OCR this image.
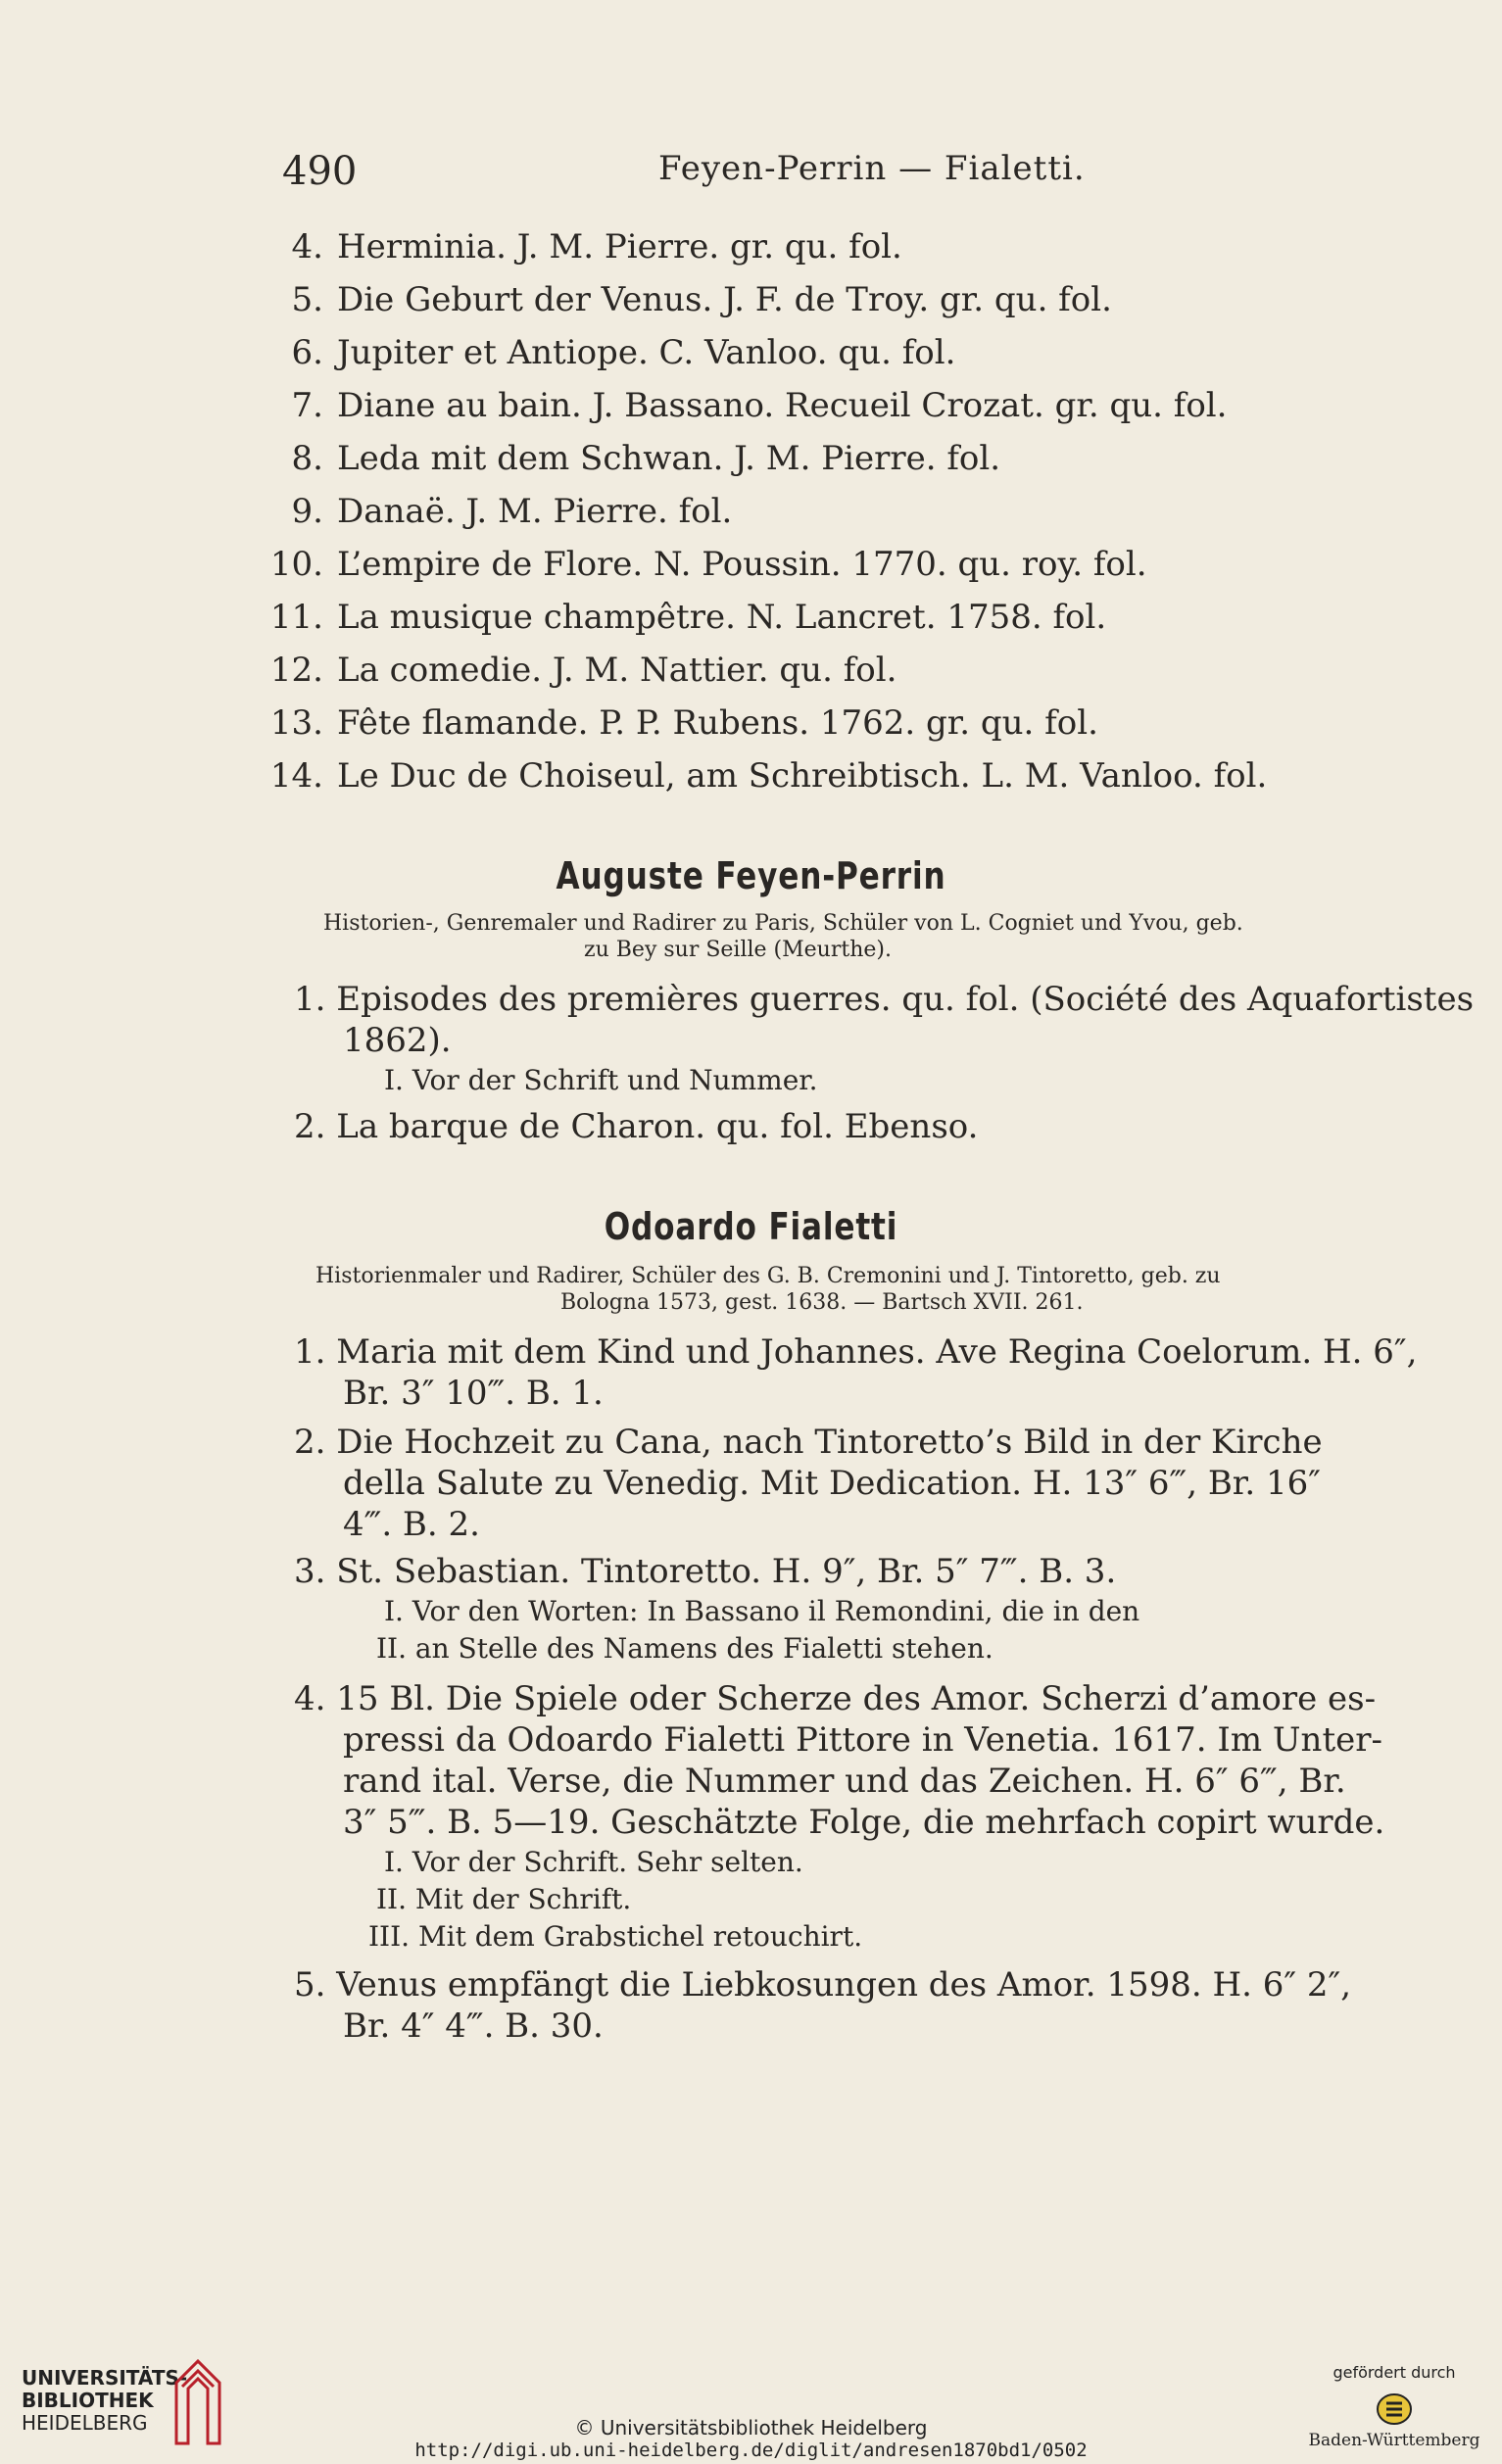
490	Feyen-Perrin — Fialetti.
4. Herminia. J. M. Pierre. gr. qu. fol.
5. Die Geburt der Venus. J. F. de Troy. gr. qu. fol.
6. Jupiter et Antiope. C. Vanloo. qu. fol.
7. Diane au bain. J. Bassano. Recueil Crozat. gr. qu. fol.
8. Leda mit dem Schwan. J. M. Pierre. fol.
9. Danaë. J. M. Pierre. fol.
10. L’empire de Flore. N. Poussin. 1770. qu. roy. fol.
11. La musique champêtre. N. Lancret. 1758. fol.
12. La comedie. J. M. Nattier. qu. fol.
13. Fête flamande. P. P. Rubens. 1762. gr. qu. fol.
14. Le Duc de Choiseul, am Schreibtisch. L. M. Vanloo. fol.
Auguste Feyen-Perrin
Historien-, Genremaler und Radirer zu Paris, Schüler von L. Cogniet und Yvou, geb.
zu Bey sur Seille (Meurthe).
1. Episodes des premières guerres. qu. fol. (Société des Aquafortistes
1862).
I. Vor der Schrift und Nummer.
2. La barque de Charon. qu. fol. Ebenso.
Odoardo Fialetti
Historienmaler und Radirer, Schüler des G. B. Cremonini und J. Tintoretto, geb. zu
Bologna 1573, gest. 1638. — Bartsch XVII. 261.
1. Maria mit dem Kind und Johannes. Ave Regina Coelorum. H. 6″,
Br. 3″ 10‴. B. 1.
2. Die Hochzeit zu Cana, nach Tintoretto’s Bild in der Kirche
della Salute zu Venedig. Mit Dedication. H. 13″ 6‴, Br. 16″
4‴. B. 2.
3. St. Sebastian. Tintoretto. H. 9″, Br. 5″ 7‴. B. 3.
I. Vor den Worten: In Bassano il Remondini, die in den
II. an Stelle des Namens des Fialetti stehen.
4. 15 Bl. Die Spiele oder Scherze des Amor. Scherzi d’amore es-
pressi da Odoardo Fialetti Pittore in Venetia. 1617. Im Unter-
rand ital. Verse, die Nummer und das Zeichen. H. 6″ 6‴, Br.
3″ 5‴. B. 5—19. Geschätzte Folge, die mehrfach copirt wurde.
I. Vor der Schrift. Sehr selten.
II. Mit der Schrift.
III. Mit dem Grabstichel retouchirt.
5. Venus empfängt die Liebkosungen des Amor. 1598. H. 6″ 2″,
Br. 4″ 4‴. B. 30.
UNIVERSITÄTS-
BIBLIOTHEK
HEIDELBERG	© Universitätsbibliothek Heidelberg
http://digi.ub.uni-heidelberg.de/diglit/andresen1870bd1/0502
gefördert durch
Baden-Württemberg
